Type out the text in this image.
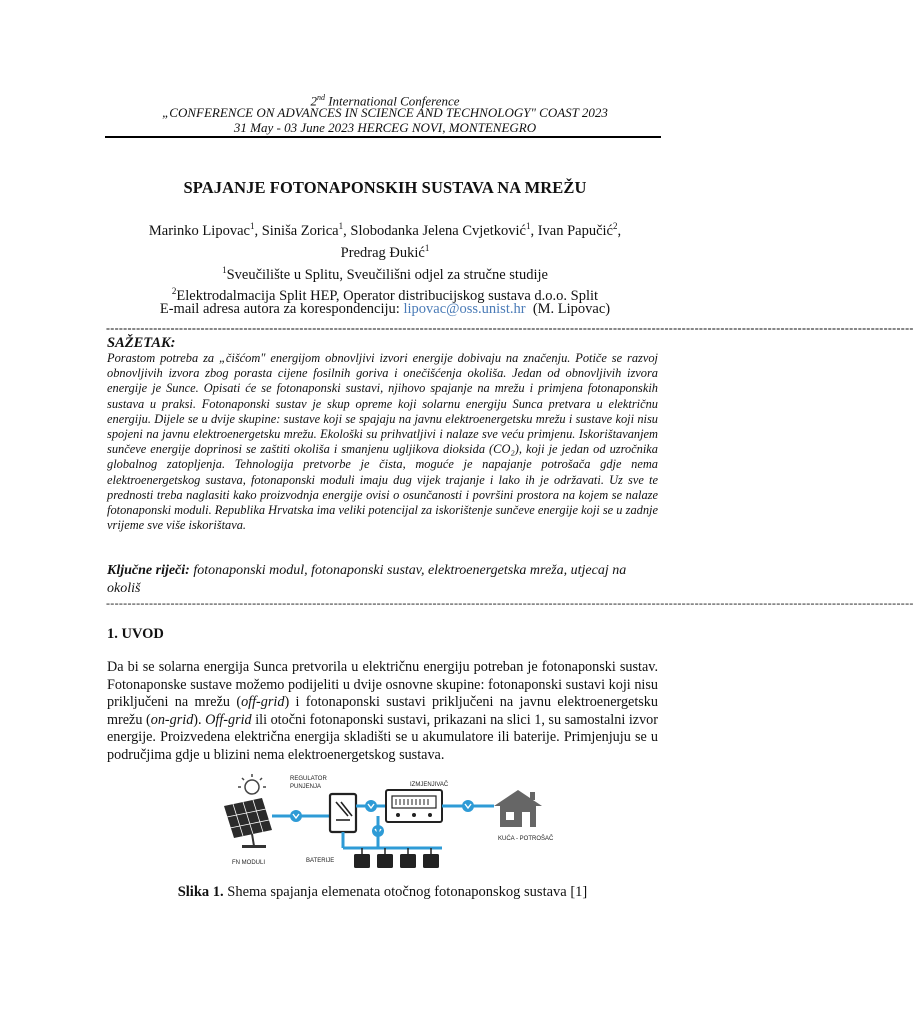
2nd International Conference
„CONFERENCE ON ADVANCES IN SCIENCE AND TECHNOLOGY" COAST 2023
31 May - 03 June 2023 HERCEG NOVI, MONTENEGRO
SPAJANJE FOTONAPONSKIH SUSTAVA NA MREŽU
Marinko Lipovac$^1$, Siniša Zorica$^1$, Slobodanka Jelena Cvjetković$^1$, Ivan Papučić$^2$,
Predrag Đukić$^1$
$^1$Sveučilište u Splitu, Sveučilišni odjel za stručne studije
$^2$Elektrodalmacija Split HEP, Operator distribucijskog sustava d.o.o. Split
E-mail adresa autora za korespondenciju: lipovac@oss.unist.hr (M. Lipovac)
--------------------------------------------------------------------------------------------------------------------------------------------------------------------------------------------
SAŽETAK:
Porastom potreba za „čišćom" energijom obnovljivi izvori energije dobivaju na značenju. Potiče se razvoj obnovljivih izvora zbog porasta cijene fosilnih goriva i onečišćenja okoliša. Jedan od obnovljivih izvora energije je Sunce. Opisati će se fotonaponski sustavi, njihovo spajanje na mrežu i primjena fotonaponskih sustava u praksi. Fotonaponski sustav je skup opreme koji solarnu energiju Sunca pretvara u električnu energiju. Dijele se u dvije skupine: sustave koji se spajaju na javnu elektroenergetsku mrežu i sustave koji nisu spojeni na javnu elektroenergetsku mrežu. Ekološki su prihvatljivi i nalaze sve veću primjenu. Iskorištavanjem sunčeve energije doprinosi se zaštiti okoliša i smanjenu ugljikova dioksida (CO₂), koji je jedan od uzročnika globalnog zatopljenja. Tehnologija pretvorbe je čista, moguće je napajanje potrošača gdje nema elektroenergetskog sustava, fotonaponski moduli imaju dug vijek trajanje i lako ih je održavati. Uz sve te prednosti treba naglasiti kako proizvodnja energije ovisi o osunčanosti i površini prostora na kojem se nalaze fotonaponski moduli. Republika Hrvatska ima veliki potencijal za iskorištenje sunčeve energije koji se u zadnje vrijeme sve više iskorištava.
Ključne riječi: fotonaponski modul, fotonaponski sustav, elektroenergetska mreža, utjecaj na okoliš
--------------------------------------------------------------------------------------------------------------------------------------------------------------------------------------------
1. UVOD
Da bi se solarna energija Sunca pretvorila u električnu energiju potreban je fotonaponski sustav. Fotonaponske sustave možemo podijeliti u dvije osnovne skupine: fotonaponski sustavi koji nisu priključeni na mrežu (off-grid) i fotonaponski sustavi priključeni na javnu elektroenergetsku mrežu (on-grid). Off-grid ili otočni fotonaponski sustavi, prikazani na slici 1, su samostalni izvor energije. Proizvedena električna energija skladišti se u akumulatore ili baterije. Primjenjuju se u područjima gdje u blizini nema elektroenergetskog sustava.
FN MODULI
REGULATOR
PUNJENJA	IZMJENJIVAČ
KUĆA - POTROŠAČ
BATERIJE
Slika 1. Shema spajanja elemenata otočnog fotonaponskog sustava [1]
